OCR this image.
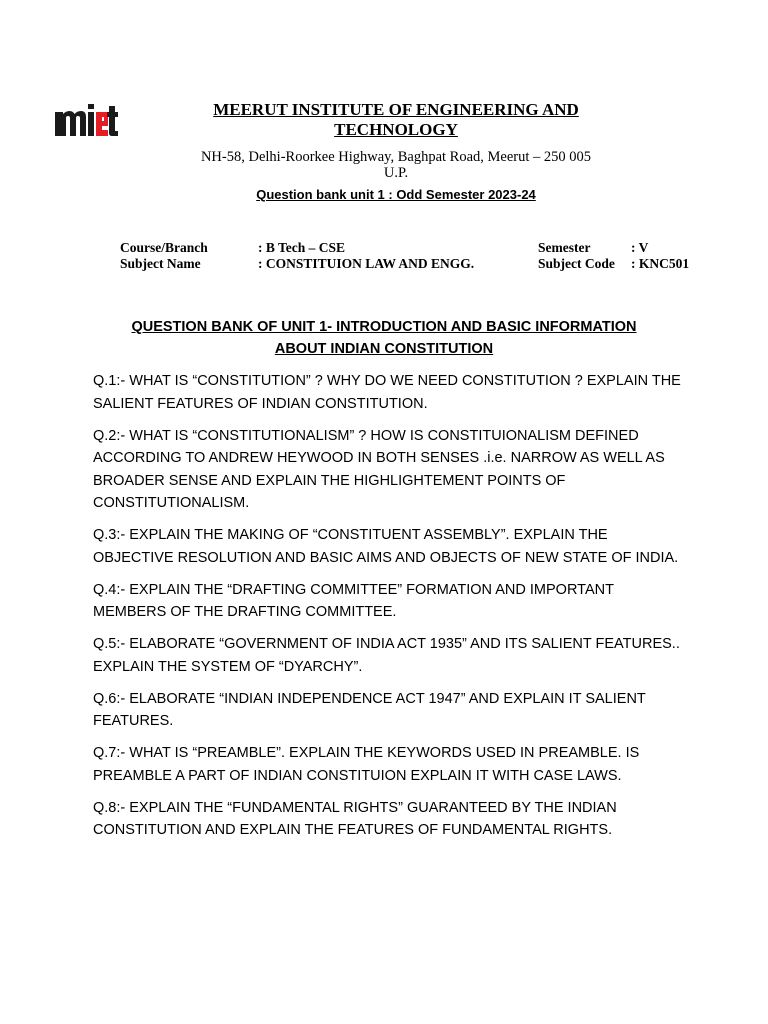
MEERUT INSTITUTE OF ENGINEERING AND
TECHNOLOGY
NH-58, Delhi-Roorkee Highway, Baghpat Road, Meerut – 250 005
U.P.
Question bank unit 1 : Odd Semester 2023-24
Course/Branch	: B Tech – CSE	Semester	: V
Subject Name	: CONSTITUION LAW AND ENGG.	Subject Code : KNC501
QUESTION BANK OF UNIT 1- INTRODUCTION AND BASIC INFORMATION
ABOUT INDIAN CONSTITUTION
Q.1:- WHAT IS “CONSTITUTION” ? WHY DO WE NEED CONSTITUTION ? EXPLAIN THE SALIENT FEATURES OF INDIAN CONSTITUTION.
Q.2:- WHAT IS “CONSTITUTIONALISM” ? HOW IS CONSTITUIONALISM DEFINED ACCORDING TO ANDREW HEYWOOD IN BOTH SENSES .i.e. NARROW AS WELL AS BROADER SENSE AND EXPLAIN THE HIGHLIGHTEMENT POINTS OF CONSTITUTIONALISM.
Q.3:- EXPLAIN THE MAKING OF “CONSTITUENT ASSEMBLY”. EXPLAIN THE OBJECTIVE RESOLUTION AND BASIC AIMS AND OBJECTS OF NEW STATE OF INDIA.
Q.4:- EXPLAIN THE “DRAFTING COMMITTEE” FORMATION AND IMPORTANT MEMBERS OF THE DRAFTING COMMITTEE.
Q.5:- ELABORATE “GOVERNMENT OF INDIA ACT 1935” AND ITS SALIENT FEATURES.. EXPLAIN THE SYSTEM OF “DYARCHY”.
Q.6:- ELABORATE “INDIAN INDEPENDENCE ACT 1947” AND EXPLAIN IT SALIENT FEATURES.
Q.7:- WHAT IS “PREAMBLE”. EXPLAIN THE KEYWORDS USED IN PREAMBLE. IS PREAMBLE A PART OF INDIAN CONSTITUION EXPLAIN IT WITH CASE LAWS.
Q.8:- EXPLAIN THE “FUNDAMENTAL RIGHTS” GUARANTEED BY THE INDIAN CONSTITUTION AND EXPLAIN THE FEATURES OF FUNDAMENTAL RIGHTS.
